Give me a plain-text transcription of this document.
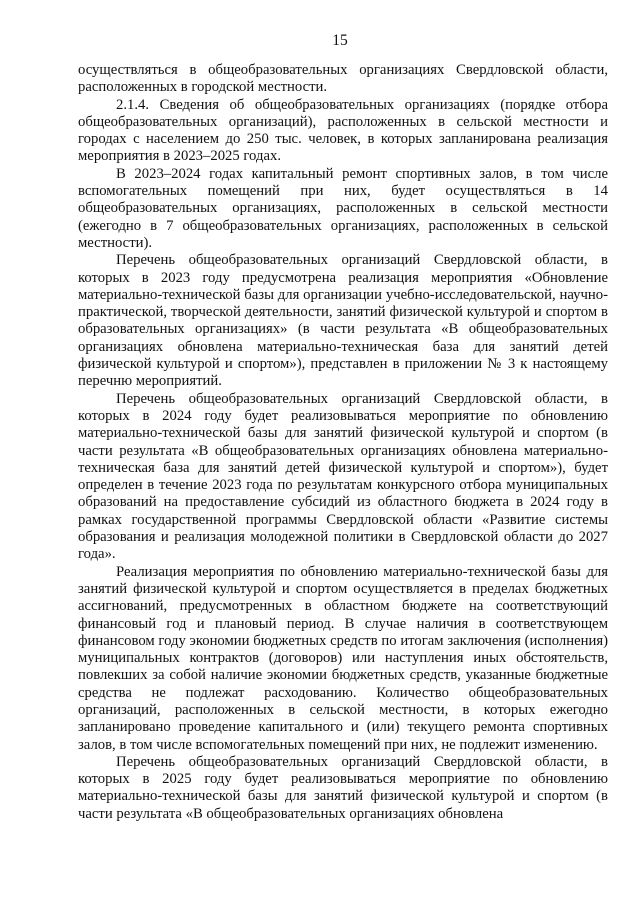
15

осуществляться в общеобразовательных организациях Свердловской области, расположенных в городской местности.

2.1.4. Сведения об общеобразовательных организациях (порядке отбора общеобразовательных организаций), расположенных в сельской местности и городах с населением до 250 тыс. человек, в которых запланирована реализация мероприятия в 2023–2025 годах.

В 2023–2024 годах капитальный ремонт спортивных залов, в том числе вспомогательных помещений при них, будет осуществляться в 14 общеобразовательных организациях, расположенных в сельской местности (ежегодно в 7 общеобразовательных организациях, расположенных в сельской местности).

Перечень общеобразовательных организаций Свердловской области, в которых в 2023 году предусмотрена реализация мероприятия «Обновление материально-технической базы для организации учебно-исследовательской, научно-практической, творческой деятельности, занятий физической культурой и спортом в образовательных организациях» (в части результата «В общеобразовательных организациях обновлена материально-техническая база для занятий детей физической культурой и спортом»), представлен в приложении № 3 к настоящему перечню мероприятий.

Перечень общеобразовательных организаций Свердловской области, в которых в 2024 году будет реализовываться мероприятие по обновлению материально-технической базы для занятий физической культурой и спортом (в части результата «В общеобразовательных организациях обновлена материально-техническая база для занятий детей физической культурой и спортом»), будет определен в течение 2023 года по результатам конкурсного отбора муниципальных образований на предоставление субсидий из областного бюджета в 2024 году в рамках государственной программы Свердловской области «Развитие системы образования и реализация молодежной политики в Свердловской области до 2027 года».

Реализация мероприятия по обновлению материально-технической базы для занятий физической культурой и спортом осуществляется в пределах бюджетных ассигнований, предусмотренных в областном бюджете на соответствующий финансовый год и плановый период. В случае наличия в соответствующем финансовом году экономии бюджетных средств по итогам заключения (исполнения) муниципальных контрактов (договоров) или наступления иных обстоятельств, повлекших за собой наличие экономии бюджетных средств, указанные бюджетные средства не подлежат расходованию. Количество общеобразовательных организаций, расположенных в сельской местности, в которых ежегодно запланировано проведение капитального и (или) текущего ремонта спортивных залов, в том числе вспомогательных помещений при них, не подлежит изменению.

Перечень общеобразовательных организаций Свердловской области, в которых в 2025 году будет реализовываться мероприятие по обновлению материально-технической базы для занятий физической культурой и спортом (в части результата «В общеобразовательных организациях обновлена
